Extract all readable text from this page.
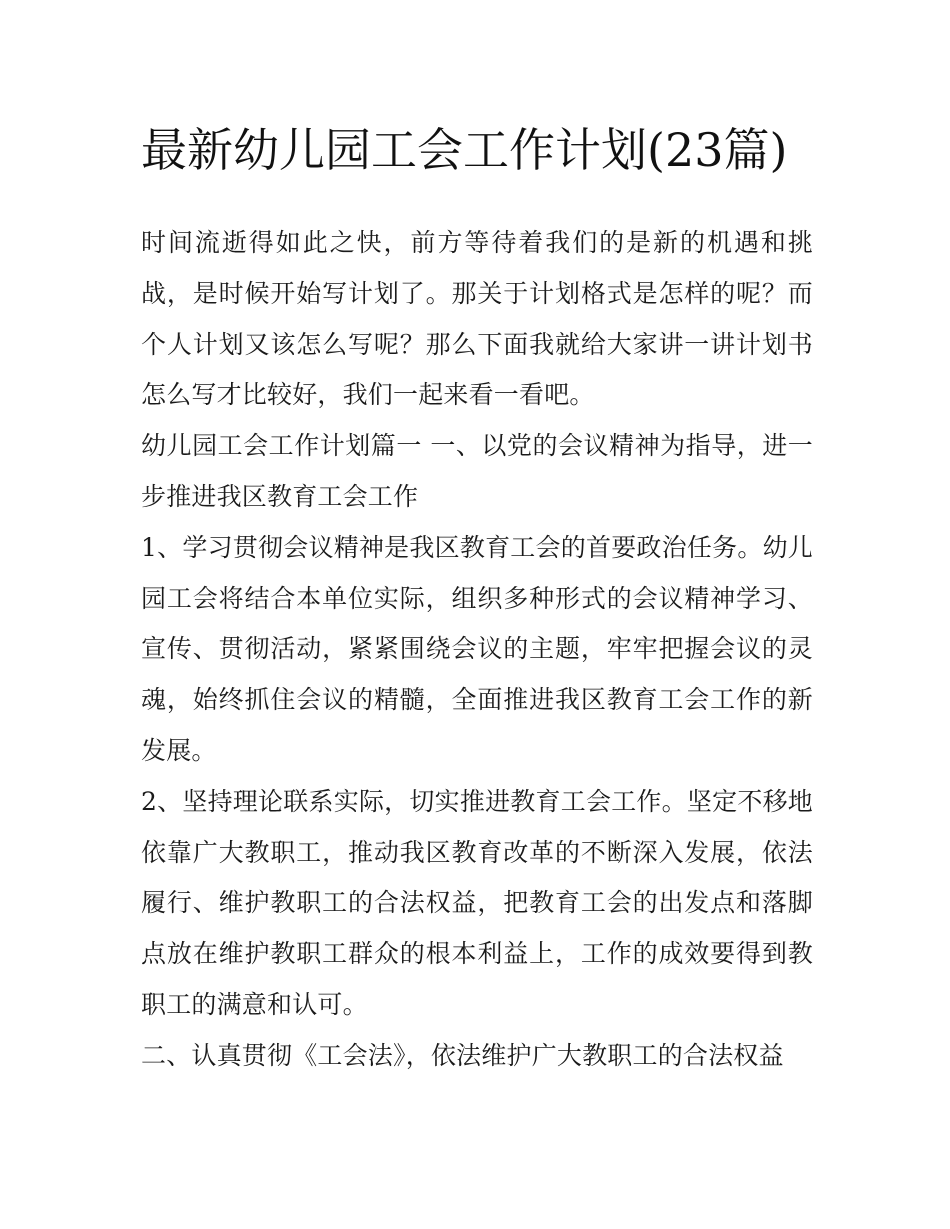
最新幼儿园工会工作计划(23篇)

时间流逝得如此之快，前方等待着我们的是新的机遇和挑战，是时候开始写计划了。那关于计划格式是怎样的呢？而个人计划又该怎么写呢？那么下面我就给大家讲一讲计划书怎么写才比较好，我们一起来看一看吧。

幼儿园工会工作计划篇一 一、以党的会议精神为指导，进一步推进我区教育工会工作

1、学习贯彻会议精神是我区教育工会的首要政治任务。幼儿园工会将结合本单位实际，组织多种形式的会议精神学习、宣传、贯彻活动，紧紧围绕会议的主题，牢牢把握会议的灵魂，始终抓住会议的精髓，全面推进我区教育工会工作的新发展。

2、坚持理论联系实际，切实推进教育工会工作。坚定不移地依靠广大教职工，推动我区教育改革的不断深入发展，依法履行、维护教职工的合法权益，把教育工会的出发点和落脚点放在维护教职工群众的根本利益上，工作的成效要得到教职工的满意和认可。

二、认真贯彻《工会法》，依法维护广大教职工的合法权益
